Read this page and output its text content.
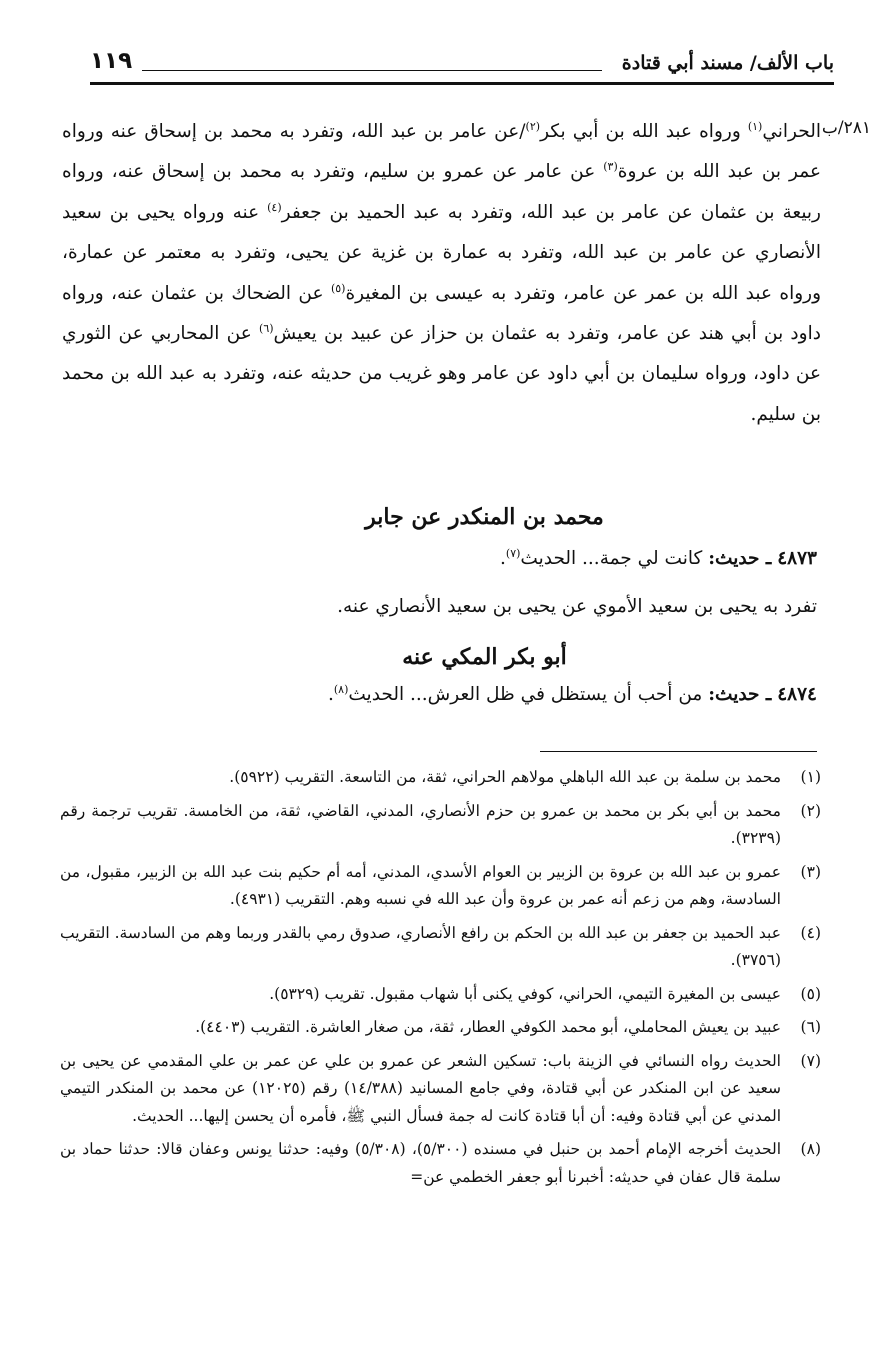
باب الألف/ مسند أبي قتادة
١١٩
٢٨١/ب

الحراني$^{(١)}$ ورواه عبد الله بن أبي بكر$^{(٢)}$/عن عامر بن عبد الله، وتفرد به محمد بن إسحاق عنه ورواه عمر بن عبد الله بن عروة$^{(٣)}$ عن عامر عن عمرو بن سليم، وتفرد به محمد بن إسحاق عنه، ورواه ربيعة بن عثمان عن عامر بن عبد الله، وتفرد به عبد الحميد بن جعفر$^{(٤)}$ عنه ورواه يحيى بن سعيد الأنصاري عن عامر بن عبد الله، وتفرد به عمارة بن غزية عن يحيى، وتفرد به معتمر عن عمارة، ورواه عبد الله بن عمر عن عامر، وتفرد به عيسى بن المغيرة$^{(٥)}$ عن الضحاك بن عثمان عنه، ورواه داود بن أبي هند عن عامر، وتفرد به عثمان بن حزاز عن عبيد بن يعيش$^{(٦)}$ عن المحاربي عن الثوري عن داود، ورواه سليمان بن أبي داود عن عامر وهو غريب من حديثه عنه، وتفرد به عبد الله بن محمد بن سليم.

محمد بن المنكدر عن جابر
٤٨٧٣ ـ حديث: كانت لي جمة... الحديث$^{(٧)}$.
تفرد به يحيى بن سعيد الأموي عن يحيى بن سعيد الأنصاري عنه.
أبو بكر المكي عنه
٤٨٧٤ ـ حديث: من أحب أن يستظل في ظل العرش... الحديث$^{(٨)}$.
(١)
محمد بن سلمة بن عبد الله الباهلي مولاهم الحراني، ثقة، من التاسعة. التقريب (٥٩٢٢).
(٢)
محمد بن أبي بكر بن محمد بن عمرو بن حزم الأنصاري، المدني، القاضي، ثقة، من الخامسة. تقريب ترجمة رقم (٣٢٣٩).
(٣)
عمرو بن عبد الله بن عروة بن الزبير بن العوام الأسدي، المدني، أمه أم حكيم بنت عبد الله بن الزبير، مقبول، من السادسة، وهم من زعم أنه عمر بن عروة وأن عبد الله في نسبه وهم. التقريب (٤٩٣١).
(٤)
عبد الحميد بن جعفر بن عبد الله بن الحكم بن رافع الأنصاري، صدوق رمي بالقدر وربما وهم من السادسة. التقريب (٣٧٥٦).
(٥)
عيسى بن المغيرة التيمي، الحراني، كوفي يكنى أبا شهاب مقبول. تقريب (٥٣٢٩).
(٦)
عبيد بن يعيش المحاملي، أبو محمد الكوفي العطار، ثقة، من صغار العاشرة. التقريب (٤٤٠٣).
(٧)
الحديث رواه النسائي في الزينة باب: تسكين الشعر عن عمرو بن علي عن عمر بن علي المقدمي عن يحيى بن سعيد عن ابن المنكدر عن أبي قتادة، وفي جامع المسانيد (١٤/٣٨٨) رقم (١٢٠٢٥) عن محمد بن المنكدر التيمي المدني عن أبي قتادة وفيه: أن أبا قتادة كانت له جمة فسأل النبي ﷺ، فأمره أن يحسن إليها... الحديث.
(٨)
الحديث أخرجه الإمام أحمد بن حنبل في مسنده (٥/٣٠٠)، (٥/٣٠٨) وفيه: حدثنا يونس وعفان قالا: حدثنا حماد بن سلمة قال عفان في حديثه: أخبرنا أبو جعفر الخطمي عن=
